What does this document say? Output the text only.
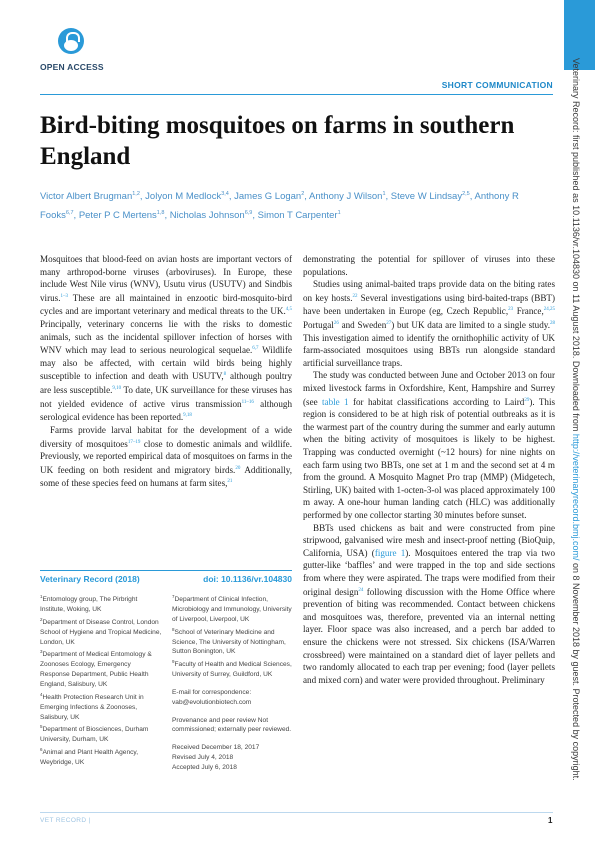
OPEN ACCESS	Veterinary Record: first published as 10.1136/vr.104830 on 11 August 2018. Downloaded from http://veterinaryrecord.bmj.com/ on 8 November 2018 by guest. Protected by copyright.
SHORT COMMUNICATION
Bird-biting mosquitoes on farms in southern England
Victor Albert Brugman$^{1,2}$, Jolyon M Medlock$^{3,4}$, James G Logan$^2$, Anthony J Wilson$^1$, Steve W Lindsay$^{2,5}$, Anthony R Fooks$^{6,7}$, Peter P C Mertens$^{1,8}$, Nicholas Johnson$^{6,9}$, Simon T Carpenter$^1$

Mosquitoes that blood-feed on avian hosts are important vectors of many arthropod-borne viruses (arboviruses). In Europe, these include West Nile virus (WNV), Usutu virus (USUTV) and Sindbis virus.$^{1-3}$ These are all maintained in enzootic bird-mosquito-bird cycles and are important veterinary and medical threats to the UK.$^{4,5}$ Principally, veterinary concerns lie with the risks to domestic animals, such as the incidental spillover infection of horses with WNV which may lead to serious neurological sequelae.$^{6,7}$ Wildlife may also be affected, with certain wild birds being highly susceptible to infection and death with USUTV,$^8$ although poultry are less susceptible.$^{9,10}$ To date, UK surveillance for these viruses has not yielded evidence of active virus transmission$^{11-16}$ although serological evidence has been reported.$^{9,18}$

Farms provide larval habitat for the development of a wide diversity of mosquitoes$^{17-19}$ close to domestic animals and wildlife. Previously, we reported empirical data of mosquitoes on farms in the UK feeding on both resident and migratory birds.$^{20}$ Additionally, some of these species feed on humans at farm sites,$^{21}$

Veterinary Record (2018)	doi: 10.1136/vr.104830
$^1$Entomology group, The Pirbright Institute, Woking, UK
$^2$Department of Disease Control, London School of Hygiene and Tropical Medicine, London, UK
$^3$Department of Medical Entomology & Zoonoses Ecology, Emergency Response Department, Public Health England, Salisbury, UK
$^4$Health Protection Research Unit in Emerging Infections & Zoonoses, Salisbury, UK
$^5$Department of Biosciences, Durham University, Durham, UK
$^6$Animal and Plant Health Agency, Weybridge, UK
$^7$Department of Clinical Infection, Microbiology and Immunology, University of Liverpool, Liverpool, UK
$^8$School of Veterinary Medicine and Science, The University of Nottingham, Sutton Bonington, UK
$^9$Faculty of Health and Medical Sciences, University of Surrey, Guildford, UK
E-mail for correspondence:
vab@evolutionbiotech.com
Provenance and peer review Not commissioned; externally peer reviewed.
Received December 18, 2017
Revised July 4, 2018
Accepted July 6, 2018

demonstrating the potential for spillover of viruses into these populations.

Studies using animal-baited traps provide data on the biting rates on key hosts.$^{22}$ Several investigations using bird-baited-traps (BBT) have been undertaken in Europe (eg, Czech Republic,$^{23}$ France,$^{24,25}$ Portugal$^{26}$ and Sweden$^{27}$) but UK data are limited to a single study.$^{28}$ This investigation aimed to identify the ornithophilic activity of UK farm-associated mosquitoes using BBTs run alongside standard artificial surveillance traps.

The study was conducted between June and October 2013 on four mixed livestock farms in Oxfordshire, Kent, Hampshire and Surrey (see table 1 for habitat classifications according to Laird$^{29}$). This region is considered to be at high risk of potential outbreaks as it is the warmest part of the country during the summer and early autumn when the biting activity of mosquitoes is likely to be highest. Trapping was conducted overnight (~12 hours) for nine nights on each farm using two BBTs, one set at 1 m and the second set at 4 m from the ground. A Mosquito Magnet Pro trap (MMP) (Midgetech, Stirling, UK) baited with 1-octen-3-ol was placed approximately 100 m away. A one-hour human landing catch (HLC) was additionally performed by one collector starting 30 minutes before sunset.

BBTs used chickens as bait and were constructed from pine stripwood, galvanised wire mesh and insect-proof netting (BioQuip, California, USA) (figure 1). Mosquitoes entered the trap via two gutter-like ‘baffles’ and were trapped in the top and side sections from where they were aspirated. The traps were modified from their original design$^{24}$ following discussion with the Home Office where prevention of biting was recommended. Contact between chickens and mosquitoes was, therefore, prevented via an internal netting layer. Floor space was also increased, and a perch bar added to ensure the chickens were not stressed. Six chickens (ISA/Warren crossbreed) were maintained on a standard diet of layer pellets and two randomly allocated to each trap per evening; food (layer pellets and mixed corn) and water were provided throughout. Preliminary

VET RECORD |	1
